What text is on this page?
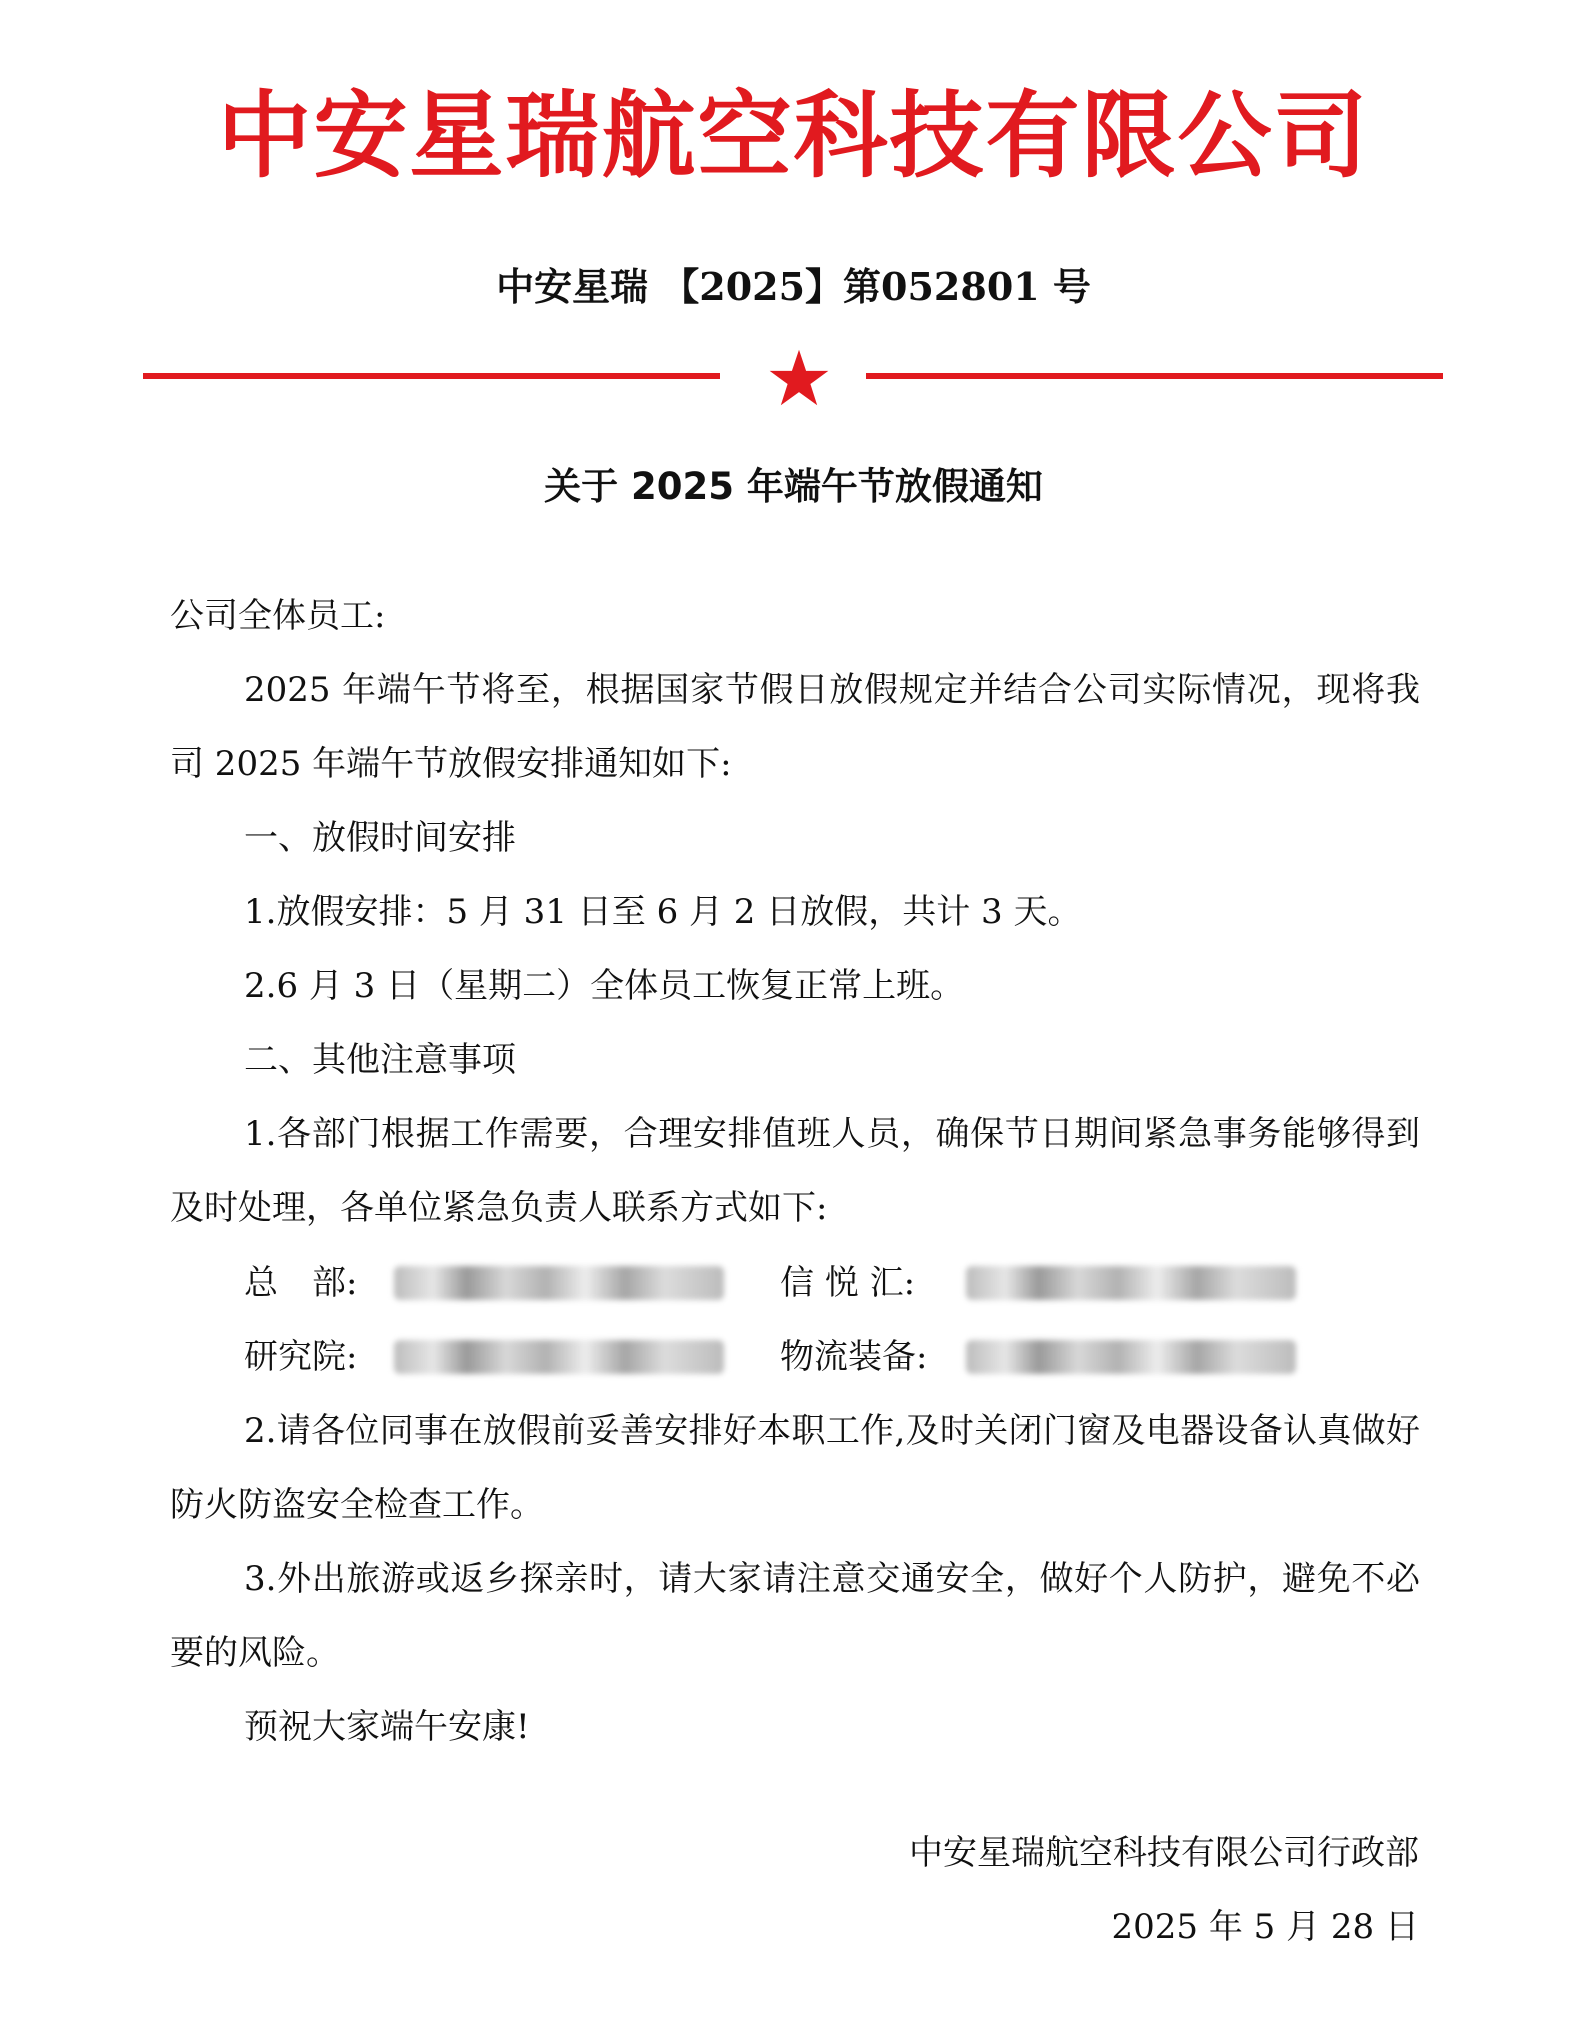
中安星瑞航空科技有限公司
中安星瑞 【2025】第052801 号
关于 2025 年端午节放假通知

公司全体员工:

2025 年端午节将至，根据国家节假日放假规定并结合公司实际情况，现将我司 2025 年端午节放假安排通知如下:

一、放假时间安排

1.放假安排：5 月 31 日至 6 月 2 日放假，共计 3 天。

2.6 月 3 日（星期二）全体员工恢复正常上班。

二、其他注意事项

1.各部门根据工作需要，合理安排值班人员，确保节日期间紧急事务能够得到及时处理，各单位紧急负责人联系方式如下:

总　部:	信 悦 汇:
研究院:	物流装备:

2.请各位同事在放假前妥善安排好本职工作,及时关闭门窗及电器设备认真做好防火防盗安全检查工作。

3.外出旅游或返乡探亲时，请大家请注意交通安全，做好个人防护，避免不必要的风险。

预祝大家端午安康!

中安星瑞航空科技有限公司行政部
2025 年 5 月 28 日
